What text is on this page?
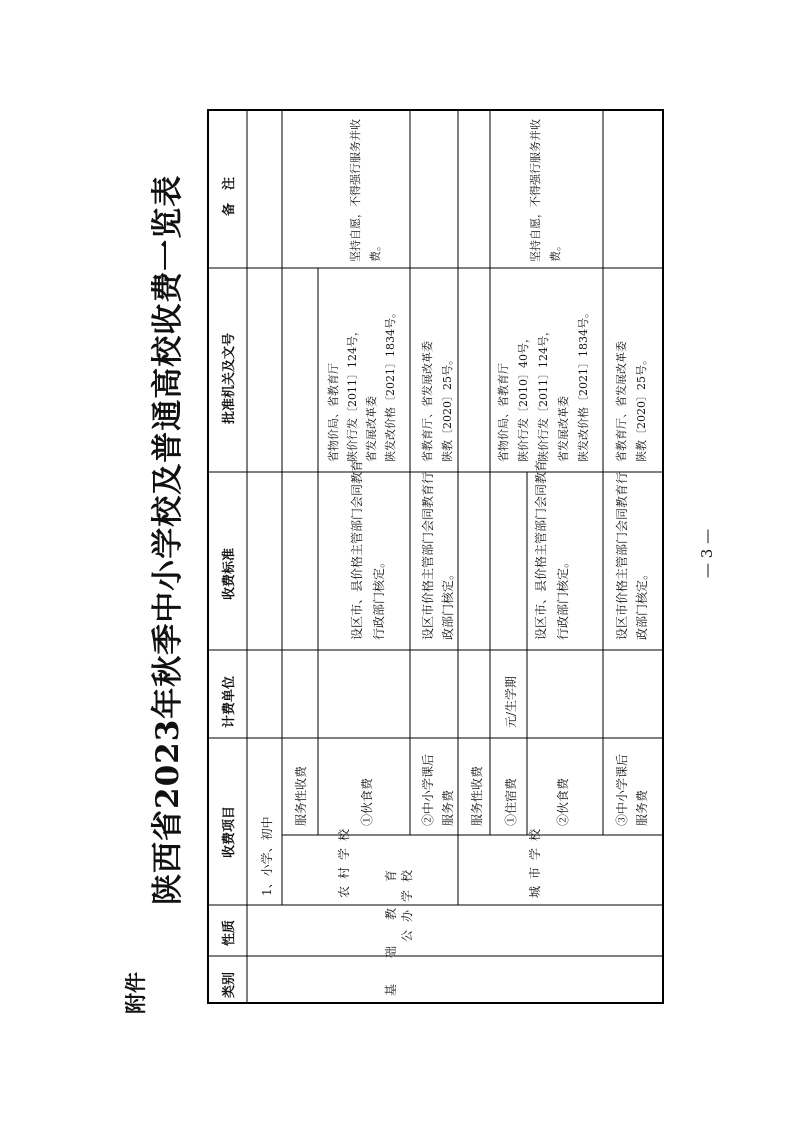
附件
陕西省2023年秋季中小学校及普通高校收费一览表
类别
性质
收费项目
计费单位
收费标准
批准机关及文号
备　注
基础教育 公办学校
1、小学、初中	农村学校
服务性收费	①伙食费
设区市、县价格主管部门会同教育行政部门核定。
省物价局、省教育厅 陕价行发〔2011〕124号， 省发展改革委 陕发改价格〔2021〕1834号。
坚持自愿，不得强行服务并收费。
②中小学课后服务费
设区市价格主管部门会同教育行政部门核定。
省教育厅、省发展改革委 陕教〔2020〕25号。
城市学校
服务性收费 ①住宿费
元/生学期
②伙食费
设区市、县价格主管部门会同教育行政部门核定。
省物价局、省教育厅 陕价行发〔2010〕40号， 陕价行发〔2011〕124号， 省发展改革委 陕发改价格〔2021〕1834号。
坚持自愿，不得强行服务并收费。
③中小学课后服务费
设区市价格主管部门会同教育行政部门核定。
省教育厅、省发展改革委 陕教〔2020〕25号。
— 3 —
